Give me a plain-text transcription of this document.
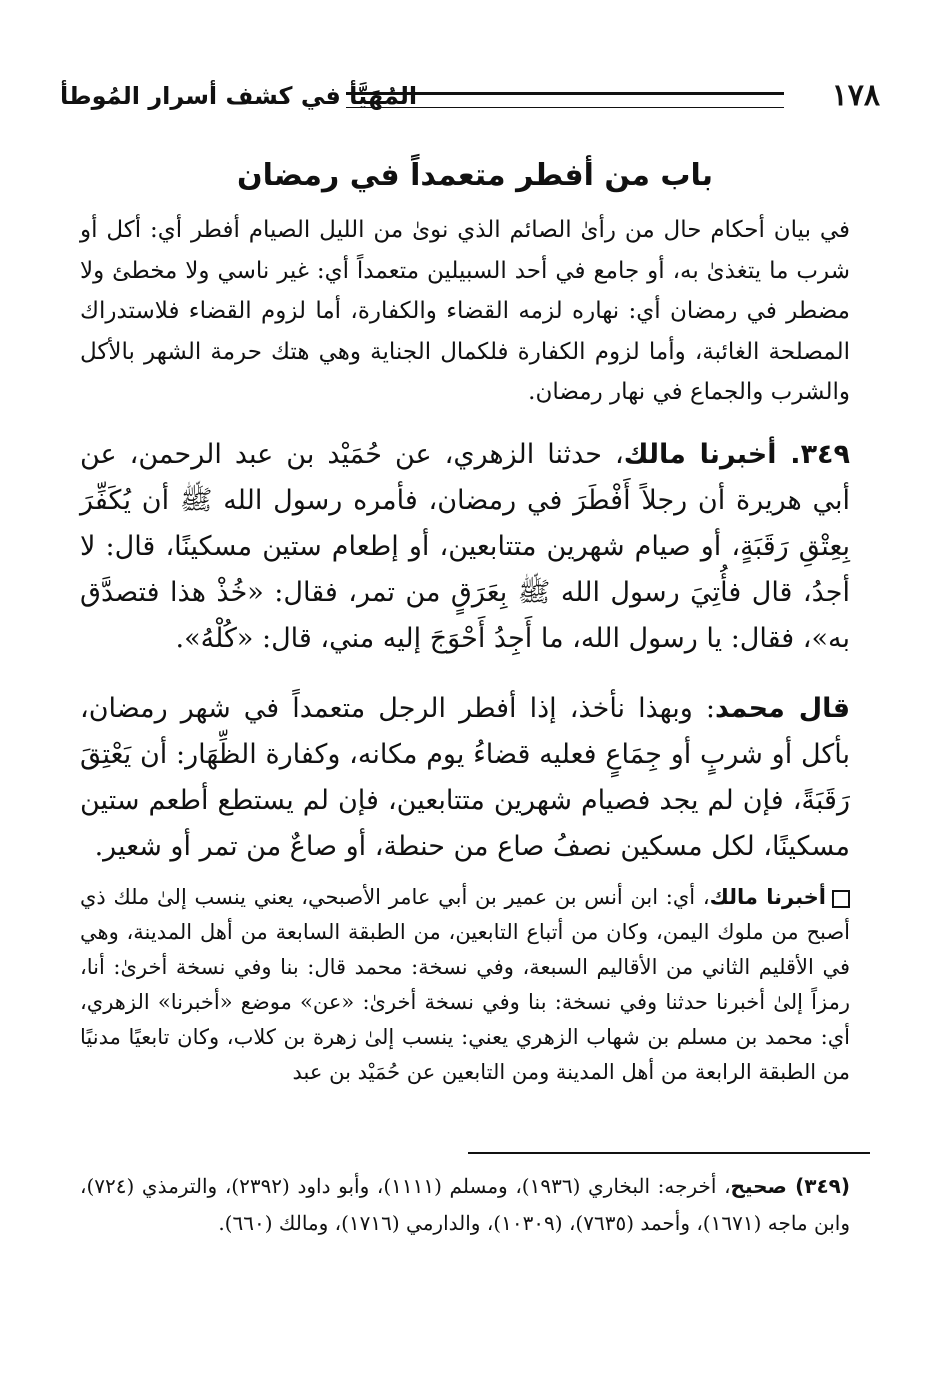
١٧٨
المُهَيَّأ في كشف أسرار المُوطأ
باب من أفطر متعمداً في رمضان
في بيان أحكام حال من رأىٰ الصائم الذي نوىٰ من الليل الصيام أفطر أي: أكل أو شرب ما يتغذىٰ به، أو جامع في أحد السبيلين متعمداً أي: غير ناسي ولا مخطئ ولا مضطر في رمضان أي: نهاره لزمه القضاء والكفارة، أما لزوم القضاء فلاستدراك المصلحة الغائبة، وأما لزوم الكفارة فلكمال الجناية وهي هتك حرمة الشهر بالأكل والشرب والجماع في نهار رمضان.
٣٤٩. أخبرنا مالك، حدثنا الزهري، عن حُمَيْد بن عبد الرحمن، عن أبي هريرة أن رجلاً أَفْطَرَ في رمضان، فأمره رسول الله ﷺ أن يُكَفِّرَ بِعِتْقِ رَقَبَةٍ، أو صيام شهرين متتابعين، أو إطعام ستين مسكينًا، قال: لا أجدُ، قال فأُتِيَ رسول الله ﷺ بِعَرَقٍ من تمر، فقال: «خُذْ هذا فتصدَّق به»، فقال: يا رسول الله، ما أَجِدُ أَحْوَجَ إليه مني، قال: «كُلْهُ».
قال محمد: وبهذا نأخذ، إذا أفطر الرجل متعمداً في شهر رمضان، بأكل أو شربٍ أو جِمَاعٍ فعليه قضاءُ يوم مكانه، وكفارة الظِّهَار: أن يَعْتِقَ رَقَبَةً، فإن لم يجد فصيام شهرين متتابعين، فإن لم يستطع أطعم ستين مسكينًا، لكل مسكين نصفُ صاع من حنطة، أو صاعٌ من تمر أو شعير.
أخبرنا مالك، أي: ابن أنس بن عمير بن أبي عامر الأصبحي، يعني ينسب إلىٰ ملك ذي أصبح من ملوك اليمن، وكان من أتباع التابعين، من الطبقة السابعة من أهل المدينة، وهي في الأقليم الثاني من الأقاليم السبعة، وفي نسخة: محمد قال: بنا وفي نسخة أخرىٰ: أنا، رمزاً إلىٰ أخبرنا حدثنا وفي نسخة: بنا وفي نسخة أخرىٰ: «عن» موضع «أخبرنا» الزهري، أي: محمد بن مسلم بن شهاب الزهري يعني: ينسب إلىٰ زهرة بن كلاب، وكان تابعيًا مدنيًا من الطبقة الرابعة من أهل المدينة ومن التابعين عن حُمَيْد بن عبد
(٣٤٩) صحيح، أخرجه: البخاري (١٩٣٦)، ومسلم (١١١١)، وأبو داود (٢٣٩٢)، والترمذي (٧٢٤)، وابن ماجه (١٦٧١)، وأحمد (٧٦٣٥)، (١٠٣٠٩)، والدارمي (١٧١٦)، ومالك (٦٦٠).
